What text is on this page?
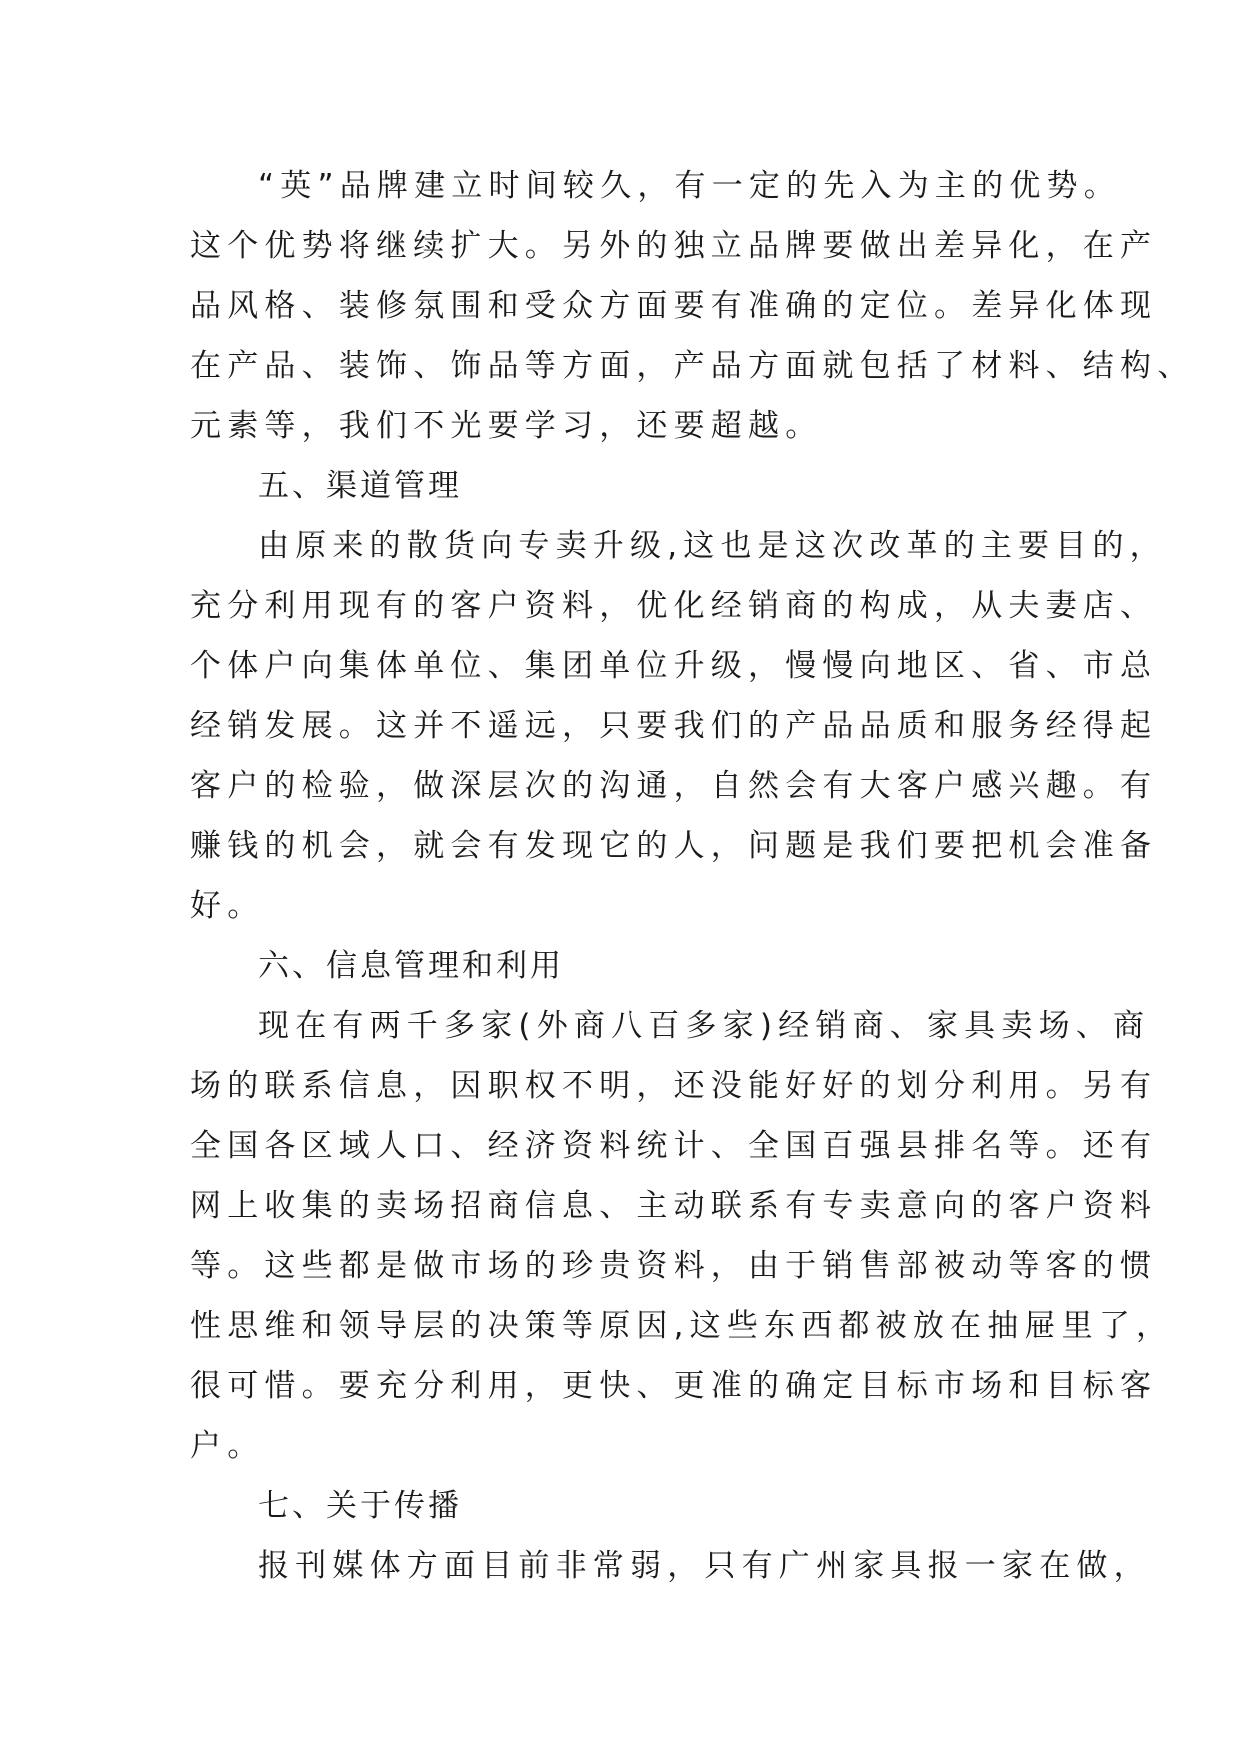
“英”品牌建立时间较久，有一定的先入为主的优势。

这个优势将继续扩大。另外的独立品牌要做出差异化，在产

品风格、装修氛围和受众方面要有准确的定位。差异化体现

在产品、装饰、饰品等方面，产品方面就包括了材料、结构、

元素等，我们不光要学习，还要超越。

五、渠道管理

由原来的散货向专卖升级,这也是这次改革的主要目的，

充分利用现有的客户资料，优化经销商的构成，从夫妻店、

个体户向集体单位、集团单位升级，慢慢向地区、省、市总

经销发展。这并不遥远，只要我们的产品品质和服务经得起

客户的检验，做深层次的沟通，自然会有大客户感兴趣。有

赚钱的机会，就会有发现它的人，问题是我们要把机会准备

好。

六、信息管理和利用

现在有两千多家(外商八百多家)经销商、家具卖场、商

场的联系信息，因职权不明，还没能好好的划分利用。另有

全国各区域人口、经济资料统计、全国百强县排名等。还有

网上收集的卖场招商信息、主动联系有专卖意向的客户资料

等。这些都是做市场的珍贵资料，由于销售部被动等客的惯

性思维和领导层的决策等原因,这些东西都被放在抽屉里了，

很可惜。要充分利用，更快、更准的确定目标市场和目标客

户。

七、关于传播

报刊媒体方面目前非常弱，只有广州家具报一家在做，
